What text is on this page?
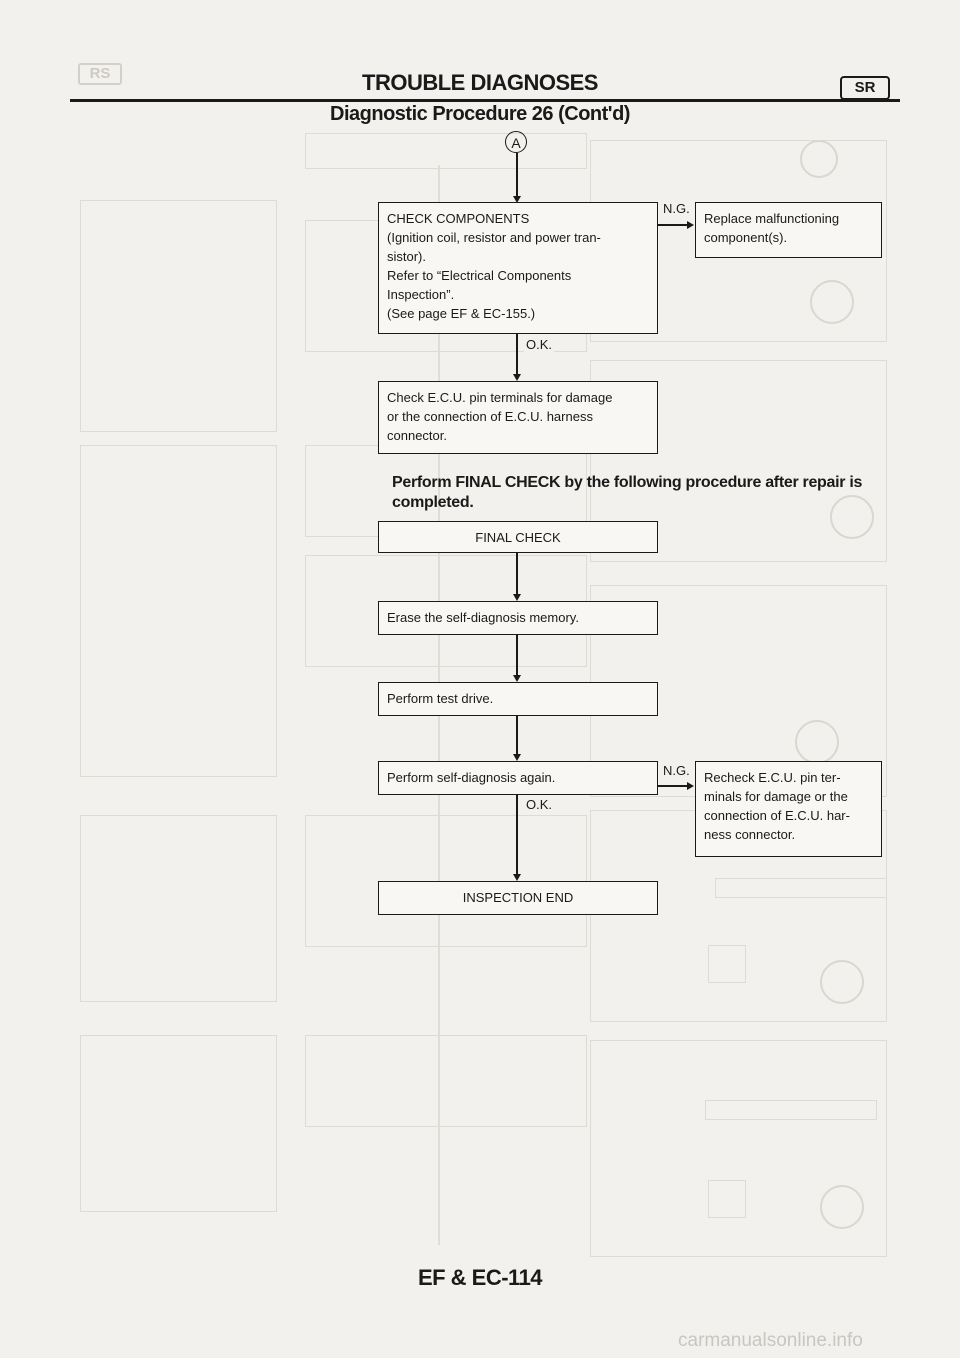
RS	TROUBLE DIAGNOSES	SR
Diagnostic Procedure 26 (Cont'd)
A
CHECK COMPONENTS
(Ignition coil, resistor and power tran-
sistor).
Refer to “Electrical Components
Inspection”.
(See page EF & EC-155.)
N.G.
Replace malfunctioning
component(s).
O.K.
Check E.C.U. pin terminals for damage
or the connection of E.C.U. harness
connector.
Perform FINAL CHECK by the following procedure after repair is completed.
FINAL CHECK
Erase the self-diagnosis memory.
Perform test drive.
Perform self-diagnosis again.	N.G. Recheck E.C.U. pin ter-
minals for damage or the
connection of E.C.U. har-
ness connector.
O.K.
INSPECTION END
EF & EC-114
carmanualsonline.info
